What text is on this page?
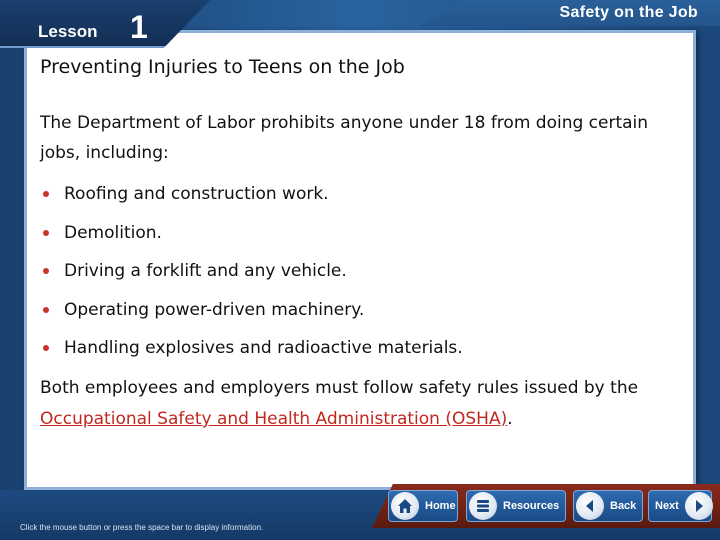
Safety on the Job
Lesson 1
Preventing Injuries to Teens on the Job
The Department of Labor prohibits anyone under 18 from doing certain jobs, including:
Roofing and construction work.
Demolition.
Driving a forklift and any vehicle.
Operating power-driven machinery.
Handling explosives and radioactive materials.
Both employees and employers must follow safety rules issued by the Occupational Safety and Health Administration (OSHA).
Click the mouse button or press the space bar to display information.
Home	Resources	Back Next
